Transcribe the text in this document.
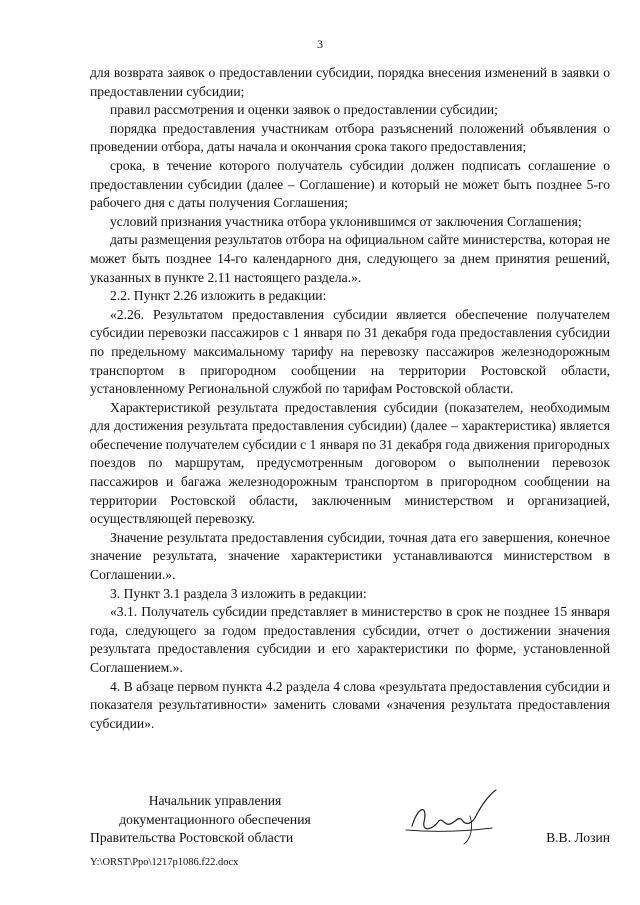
3

для возврата заявок о предоставлении субсидии, порядка внесения изменений в заявки о предоставлении субсидии;

правил рассмотрения и оценки заявок о предоставлении субсидии;

порядка предоставления участникам отбора разъяснений положений объявления о проведении отбора, даты начала и окончания срока такого предоставления;

срока, в течение которого получатель субсидии должен подписать соглашение о предоставлении субсидии (далее – Соглашение) и который не может быть позднее 5-го рабочего дня с даты получения Соглашения;

условий признания участника отбора уклонившимся от заключения Соглашения;

даты размещения результатов отбора на официальном сайте министерства, которая не может быть позднее 14-го календарного дня, следующего за днем принятия решений, указанных в пункте 2.11 настоящего раздела.».

2.2. Пункт 2.26 изложить в редакции:

«2.26. Результатом предоставления субсидии является обеспечение получателем субсидии перевозки пассажиров с 1 января по 31 декабря года предоставления субсидии по предельному максимальному тарифу на перевозку пассажиров железнодорожным транспортом в пригородном сообщении на территории Ростовской области, установленному Региональной службой по тарифам Ростовской области.

Характеристикой результата предоставления субсидии (показателем, необходимым для достижения результата предоставления субсидии) (далее – характеристика) является обеспечение получателем субсидии с 1 января по 31 декабря года движения пригородных поездов по маршрутам, предусмотренным договором о выполнении перевозок пассажиров и багажа железнодорожным транспортом в пригородном сообщении на территории Ростовской области, заключенным министерством и организацией, осуществляющей перевозку.

Значение результата предоставления субсидии, точная дата его завершения, конечное значение результата, значение характеристики устанавливаются министерством в Соглашении.».

3. Пункт 3.1 раздела 3 изложить в редакции:

«3.1. Получатель субсидии представляет в министерство в срок не позднее 15 января года, следующего за годом предоставления субсидии, отчет о достижении значения результата предоставления субсидии и его характеристики по форме, установленной Соглашением.».

4. В абзаце первом пункта 4.2 раздела 4 слова «результата предоставления субсидии и показателя результативности» заменить словами «значения результата предоставления субсидии».

Начальник управления
документационного обеспечения
Правительства Ростовской области	В.В. Лозин
Y:\ORST\Ppo\1217p1086.f22.docx
